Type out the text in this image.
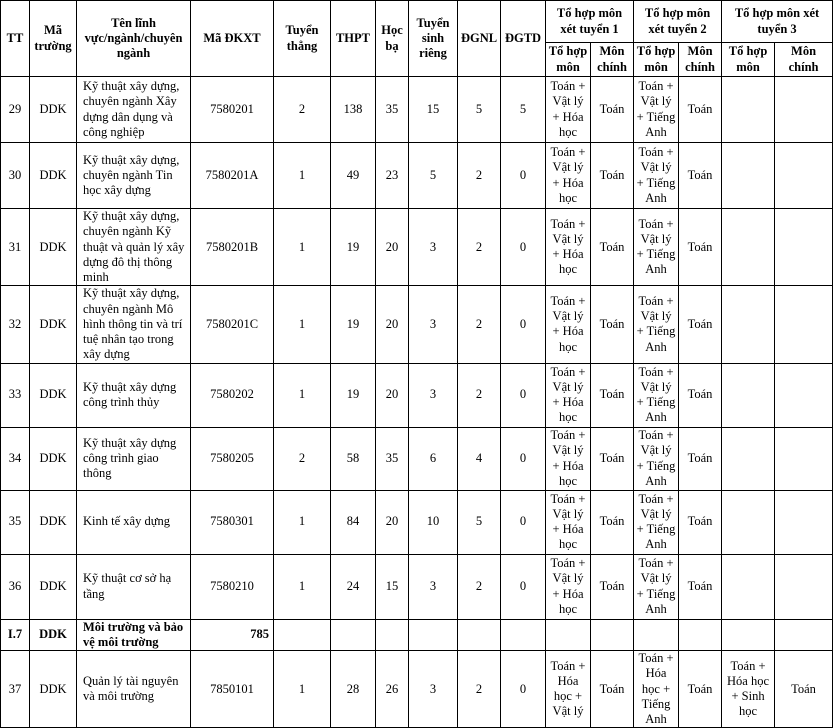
TT	Mã trường	Tên lĩnh vực/ngành/chuyên ngành	Mã ĐKXT	Tuyển thẳng	THPT	Học bạ	Tuyển sinh riêng	ĐGNL	ĐGTD	Tổ hợp môn xét tuyển 1		Tổ hợp môn xét tuyển 2		Tổ hợp môn xét tuyển 3	
										Tổ hợp môn	Môn chính	Tổ hợp môn	Môn chính	Tổ hợp môn	Môn chính
29	DDK	Kỹ thuật xây dựng, chuyên ngành Xây dựng dân dụng và công nghiệp	7580201	2	138	35	15	5	5	Toán + Vật lý + Hóa học	Toán	Toán + Vật lý + Tiếng Anh	Toán		
30	DDK	Kỹ thuật xây dựng, chuyên ngành Tin học xây dựng	7580201A	1	49	23	5	2	0	Toán + Vật lý + Hóa học	Toán	Toán + Vật lý + Tiếng Anh	Toán		
31	DDK	Kỹ thuật xây dựng, chuyên ngành Kỹ thuật và quản lý xây dựng đô thị thông minh	7580201B	1	19	20	3	2	0	Toán + Vật lý + Hóa học	Toán	Toán + Vật lý + Tiếng Anh	Toán		
32	DDK	Kỹ thuật xây dựng, chuyên ngành Mô hình thông tin và trí tuệ nhân tạo trong xây dựng	7580201C	1	19	20	3	2	0	Toán + Vật lý + Hóa học	Toán	Toán + Vật lý + Tiếng Anh	Toán		
33	DDK	Kỹ thuật xây dựng công trình thủy	7580202	1	19	20	3	2	0	Toán + Vật lý + Hóa học	Toán	Toán + Vật lý + Tiếng Anh	Toán		
34	DDK	Kỹ thuật xây dựng công trình giao thông	7580205	2	58	35	6	4	0	Toán + Vật lý + Hóa học	Toán	Toán + Vật lý + Tiếng Anh	Toán		
35	DDK	Kinh tế xây dựng	7580301	1	84	20	10	5	0	Toán + Vật lý + Hóa học	Toán	Toán + Vật lý + Tiếng Anh	Toán		
36	DDK	Kỹ thuật cơ sở hạ tầng	7580210	1	24	15	3	2	0	Toán + Vật lý + Hóa học	Toán	Toán + Vật lý + Tiếng Anh	Toán		
I.7	DDK	Môi trường và bảo vệ môi trường	785												
37	DDK	Quản lý tài nguyên và môi trường	7850101	1	28	26	3	2	0	Toán + Hóa học + Vật lý	Toán	Toán + Hóa học + Tiếng Anh	Toán	Toán + Hóa học + Sinh học	Toán
